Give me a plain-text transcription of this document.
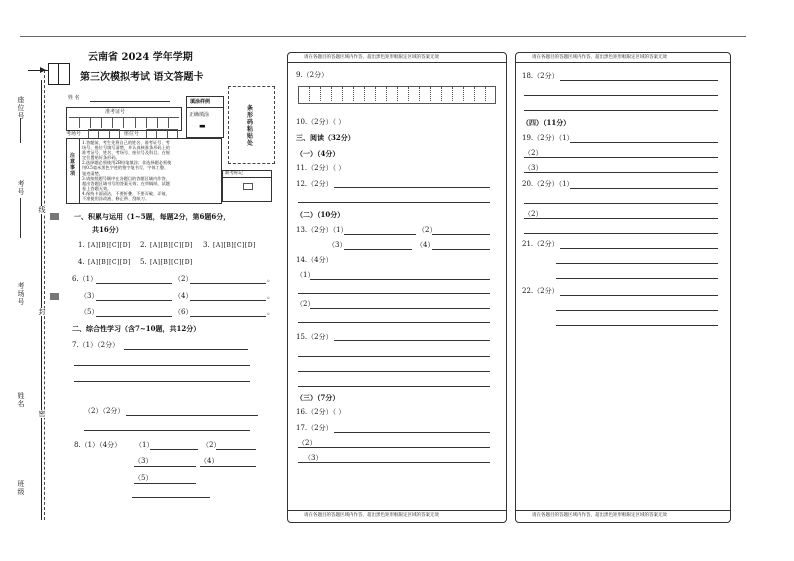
座位号
考号
考场号
姓名
班级
线
封
密
云南省 2024 学年学期
第三次模拟考试 语文答题卡
姓 名
准考证号
考场号	座位号
填涂样例
正确填涂
▬
条形码粘贴处
注意事项
1.答题前，考生先将自己的姓名、准考证号、考
场号、座位号填写清楚，并认真核准条形码上的
准考证号、姓名、考场号、座位号及科目，在规
定位置贴好条形码。
2.选择题必须使用2B铅笔填涂；非选择题必须使
用0.5毫米黑色字迹的签字笔书写，字体工整、
笔迹清楚。
3.请按照题号顺序在各题目的答题区域内作答，
超出答题区域书写的答案无效；在草稿纸、试题
卷上答题无效。
4.保持卡面清洁，不要折叠、不要弄破、弄皱，
不准使用涂改液、修正带、刮纸刀。
缺考标记
一、积累与运用（1~5题，每题2分，第6题6分，
共16分）
1. [A][B][C][D] 2. [A][B][C][D] 3. [A][B][C][D]
4. [A][B][C][D] 5. [A][B][C][D]
6.（1）	（2）	。
（3）	（4）	。
（5）	（6）	。
二、综合性学习（含7~10题，共12分）
7.（1）（2分）
（2）（2分）
8.（1）（4分） （1）	（2）
（3）	（4）
（5）
请在各题目的答题区域内作答，超出黑色矩形框限定区域的答案无效
请在各题目的答题区域内作答，超出黑色矩形框限定区域的答案无效
9.（2分）
10.（2分）（ ）
三、阅读（32分）
（一）（4分）
11.（2分）（ ）
12.（2分）
（二）（10分）
13.（2分）（1）	（2）
（3）	（4）
14.（4分）
（1）
（2）
15.（2分）
（三）（7分）
16.（2分）（ ）
17.（2分）
（2）
（3）
请在各题目的答题区域内作答，超出黑色矩形框限定区域的答案无效
请在各题目的答题区域内作答，超出黑色矩形框限定区域的答案无效
18.（2分）
（四）（11分）
19.（2分）（1）
（2）
（3）
20.（2分）（1）
（2）
21.（2分）
22.（2分）
